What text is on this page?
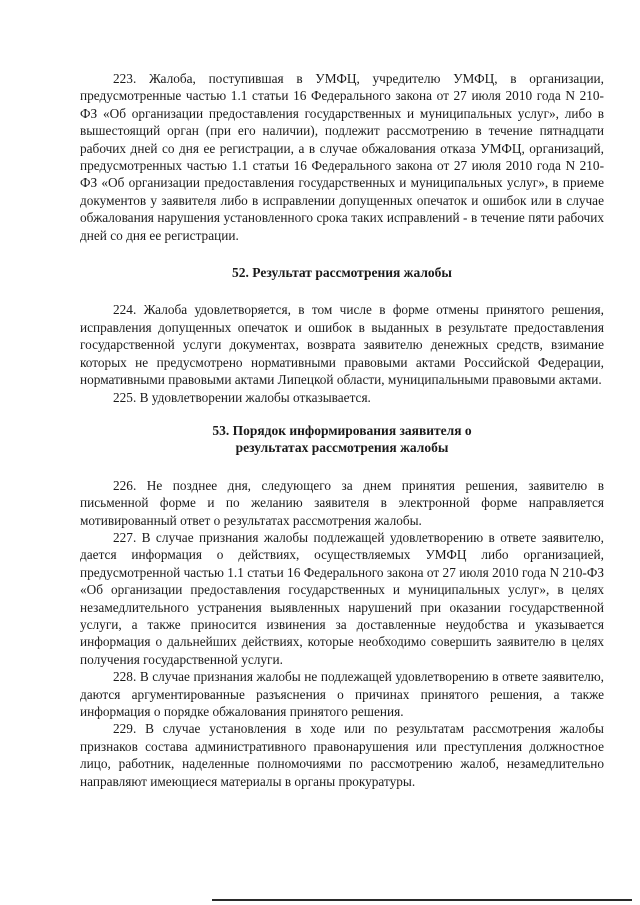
223. Жалоба, поступившая в УМФЦ, учредителю УМФЦ, в организации, предусмотренные частью 1.1 статьи 16 Федерального закона от 27 июля 2010 года N 210-ФЗ «Об организации предоставления государственных и муниципальных услуг», либо в вышестоящий орган (при его наличии), подлежит рассмотрению в течение пятнадцати рабочих дней со дня ее регистрации, а в случае обжалования отказа УМФЦ, организаций, предусмотренных частью 1.1 статьи 16 Федерального закона от 27 июля 2010 года N 210-ФЗ «Об организации предоставления государственных и муниципальных услуг», в приеме документов у заявителя либо в исправлении допущенных опечаток и ошибок или в случае обжалования нарушения установленного срока таких исправлений - в течение пяти рабочих дней со дня ее регистрации.

52. Результат рассмотрения жалобы

224. Жалоба удовлетворяется, в том числе в форме отмены принятого решения, исправления допущенных опечаток и ошибок в выданных в результате предоставления государственной услуги документах, возврата заявителю денежных средств, взимание которых не предусмотрено нормативными правовыми актами Российской Федерации, нормативными правовыми актами Липецкой области, муниципальными правовыми актами.

225. В удовлетворении жалобы отказывается.

53. Порядок информирования заявителя о
результатах рассмотрения жалобы

226. Не позднее дня, следующего за днем принятия решения, заявителю в письменной форме и по желанию заявителя в электронной форме направляется мотивированный ответ о результатах рассмотрения жалобы.

227. В случае признания жалобы подлежащей удовлетворению в ответе заявителю, дается информация о действиях, осуществляемых УМФЦ либо организацией, предусмотренной частью 1.1 статьи 16 Федерального закона от 27 июля 2010 года N 210-ФЗ «Об организации предоставления государственных и муниципальных услуг», в целях незамедлительного устранения выявленных нарушений при оказании государственной услуги, а также приносится извинения за доставленные неудобства и указывается информация о дальнейших действиях, которые необходимо совершить заявителю в целях получения государственной услуги.

228. В случае признания жалобы не подлежащей удовлетворению в ответе заявителю, даются аргументированные разъяснения о причинах принятого решения, а также информация о порядке обжалования принятого решения.

229. В случае установления в ходе или по результатам рассмотрения жалобы признаков состава административного правонарушения или преступления должностное лицо, работник, наделенные полномочиями по рассмотрению жалоб, незамедлительно направляют имеющиеся материалы в органы прокуратуры.
